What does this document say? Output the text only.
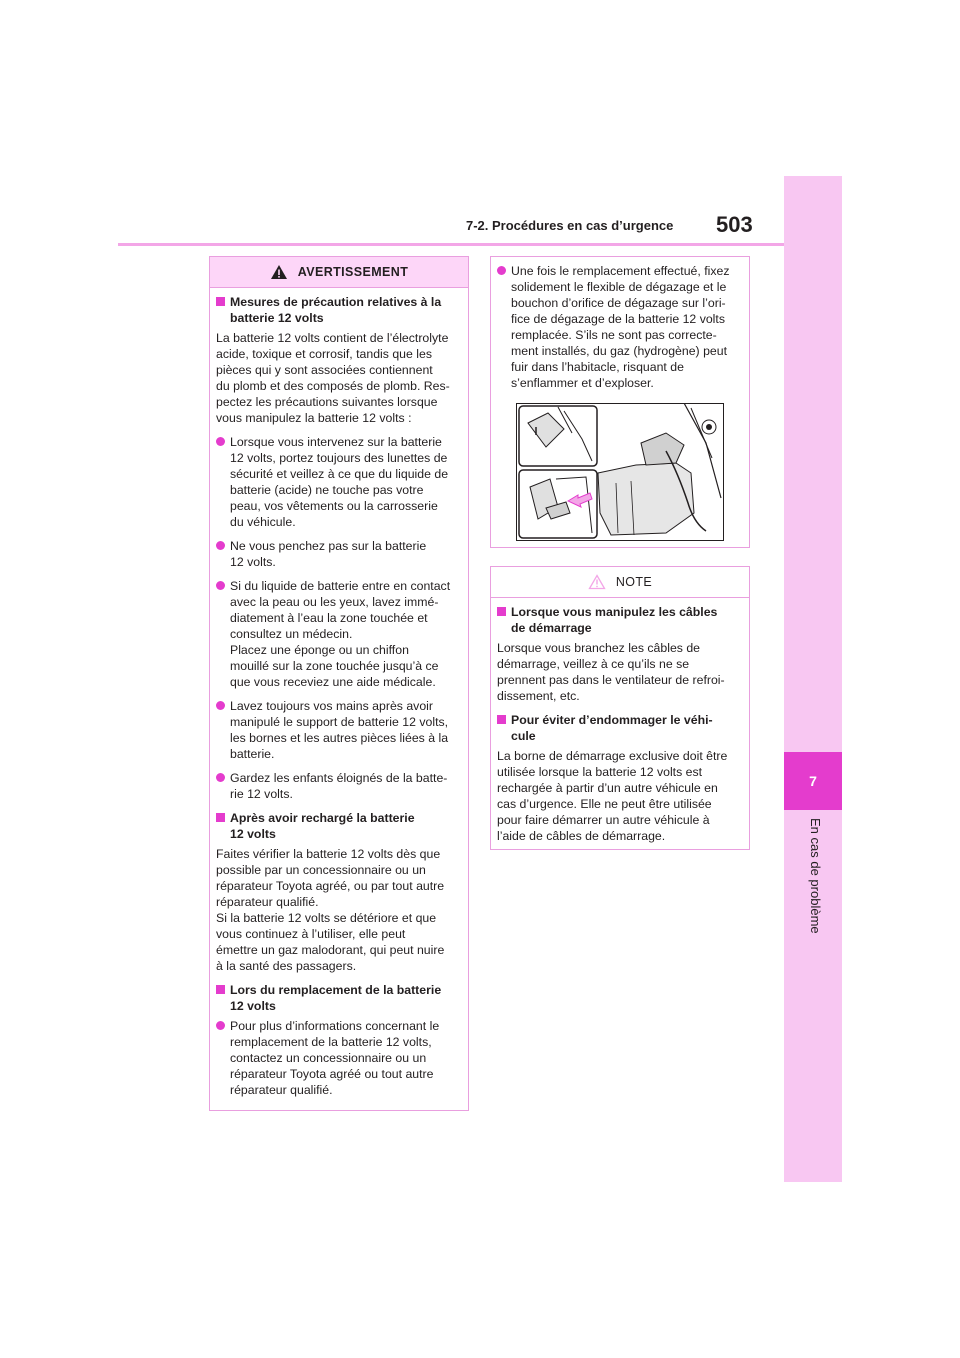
7-2. Procédures en cas d’urgence 503
7
En cas de problème
AVERTISSEMENT
Mesures de précaution relatives à la
batterie 12 volts

La batterie 12 volts contient de l’électrolyte
acide, toxique et corrosif, tandis que les
pièces qui y sont associées contiennent
du plomb et des composés de plomb. Res-
pectez les précautions suivantes lorsque
vous manipulez la batterie 12 volts :

Lorsque vous intervenez sur la batterie
12 volts, portez toujours des lunettes de
sécurité et veillez à ce que du liquide de
batterie (acide) ne touche pas votre
peau, vos vêtements ou la carrosserie
du véhicule.
Ne vous penchez pas sur la batterie
12 volts.
Si du liquide de batterie entre en contact
avec la peau ou les yeux, lavez immé-
diatement à l’eau la zone touchée et
consultez un médecin.
Placez une éponge ou un chiffon
mouillé sur la zone touchée jusqu’à ce
que vous receviez une aide médicale.
Lavez toujours vos mains après avoir
manipulé le support de batterie 12 volts,
les bornes et les autres pièces liées à la
batterie.
Gardez les enfants éloignés de la batte-
rie 12 volts.
Après avoir rechargé la batterie
12 volts

Faites vérifier la batterie 12 volts dès que
possible par un concessionnaire ou un
réparateur Toyota agréé, ou par tout autre
réparateur qualifié.
Si la batterie 12 volts se détériore et que
vous continuez à l’utiliser, elle peut
émettre un gaz malodorant, qui peut nuire
à la santé des passagers.

Lors du remplacement de la batterie
12 volts
Pour plus d’informations concernant le
remplacement de la batterie 12 volts,
contactez un concessionnaire ou un
réparateur Toyota agréé ou tout autre
réparateur qualifié.
Une fois le remplacement effectué, fixez
solidement le flexible de dégazage et le
bouchon d’orifice de dégazage sur l’ori-
fice de dégazage de la batterie 12 volts
remplacée. S’ils ne sont pas correcte-
ment installés, du gaz (hydrogène) peut
fuir dans l’habitacle, risquant de
s’enflammer et d’exploser.
NOTE
Lorsque vous manipulez les câbles
de démarrage

Lorsque vous branchez les câbles de
démarrage, veillez à ce qu’ils ne se
prennent pas dans le ventilateur de refroi-
dissement, etc.

Pour éviter d’endommager le véhi-
cule

La borne de démarrage exclusive doit être
utilisée lorsque la batterie 12 volts est
rechargée à partir d’un autre véhicule en
cas d’urgence. Elle ne peut être utilisée
pour faire démarrer un autre véhicule à
l’aide de câbles de démarrage.
